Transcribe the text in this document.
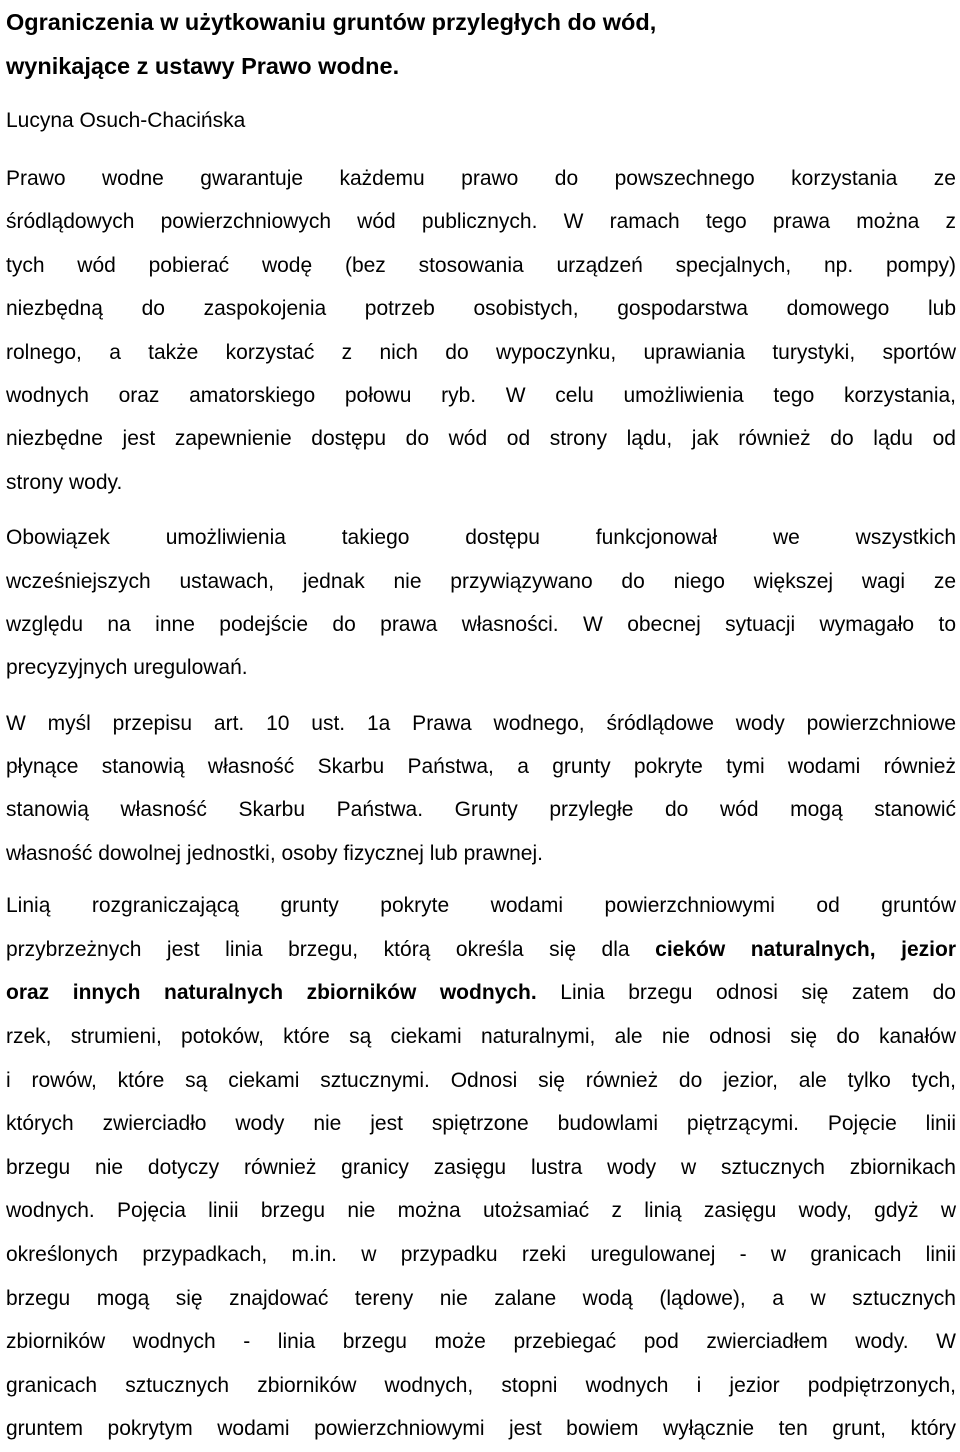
Ograniczenia w użytkowaniu gruntów przyległych do wód,
wynikające z ustawy Prawo wodne.

Lucyna Osuch-Chacińska

Prawo wodne gwarantuje każdemu prawo do powszechnego korzystania ze
śródlądowych powierzchniowych wód publicznych. W ramach tego prawa można z
tych wód pobierać wodę (bez stosowania urządzeń specjalnych, np. pompy)
niezbędną do zaspokojenia potrzeb osobistych, gospodarstwa domowego lub
rolnego, a także korzystać z nich do wypoczynku, uprawiania turystyki, sportów
wodnych oraz amatorskiego połowu ryb. W celu umożliwienia tego korzystania,
niezbędne jest zapewnienie dostępu do wód od strony lądu, jak również do lądu od
strony wody.

Obowiązek umożliwienia takiego dostępu funkcjonował we wszystkich
wcześniejszych ustawach, jednak nie przywiązywano do niego większej wagi ze
względu na inne podejście do prawa własności. W obecnej sytuacji wymagało to
precyzyjnych uregulowań.

W myśl przepisu art. 10 ust. 1a Prawa wodnego, śródlądowe wody powierzchniowe
płynące stanowią własność Skarbu Państwa, a grunty pokryte tymi wodami również
stanowią własność Skarbu Państwa. Grunty przyległe do wód mogą stanowić
własność dowolnej jednostki, osoby fizycznej lub prawnej.

Linią rozgraniczającą grunty pokryte wodami powierzchniowymi od gruntów
przybrzeżnych jest linia brzegu, którą określa się dla cieków naturalnych, jezior
oraz innych naturalnych zbiorników wodnych. Linia brzegu odnosi się zatem do
rzek, strumieni, potoków, które są ciekami naturalnymi, ale nie odnosi się do kanałów
i rowów, które są ciekami sztucznymi. Odnosi się również do jezior, ale tylko tych,
których zwierciadło wody nie jest spiętrzone budowlami piętrzącymi. Pojęcie linii
brzegu nie dotyczy również granicy zasięgu lustra wody w sztucznych zbiornikach
wodnych. Pojęcia linii brzegu nie można utożsamiać z linią zasięgu wody, gdyż w
określonych przypadkach, m.in. w przypadku rzeki uregulowanej - w granicach linii
brzegu mogą się znajdować tereny nie zalane wodą (lądowe), a w sztucznych
zbiorników wodnych - linia brzegu może przebiegać pod zwierciadłem wody. W
granicach sztucznych zbiorników wodnych, stopni wodnych i jezior podpiętrzonych,
gruntem pokrytym wodami powierzchniowymi jest bowiem wyłącznie ten grunt, który
